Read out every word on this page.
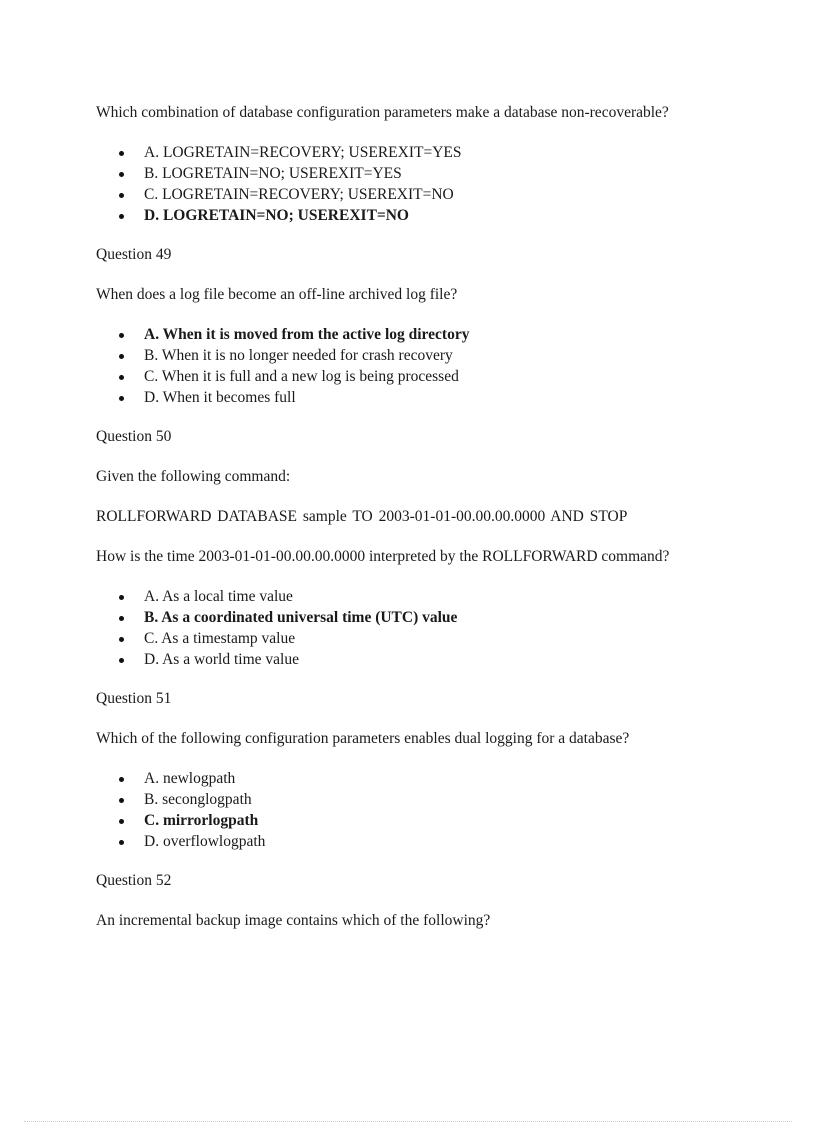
Which combination of database configuration parameters make a database non-recoverable?

A. LOGRETAIN=RECOVERY; USEREXIT=YES
B. LOGRETAIN=NO; USEREXIT=YES
C. LOGRETAIN=RECOVERY; USEREXIT=NO
D. LOGRETAIN=NO; USEREXIT=NO

Question 49

When does a log file become an off-line archived log file?

A. When it is moved from the active log directory
B. When it is no longer needed for crash recovery
C. When it is full and a new log is being processed
D. When it becomes full

Question 50

Given the following command:

ROLLFORWARD DATABASE sample TO 2003-01-01-00.00.00.0000 AND STOP

How is the time 2003-01-01-00.00.00.0000 interpreted by the ROLLFORWARD command?

A. As a local time value
B. As a coordinated universal time (UTC) value
C. As a timestamp value
D. As a world time value

Question 51

Which of the following configuration parameters enables dual logging for a database?

A. newlogpath
B. seconglogpath
C. mirrorlogpath
D. overflowlogpath

Question 52

An incremental backup image contains which of the following?
